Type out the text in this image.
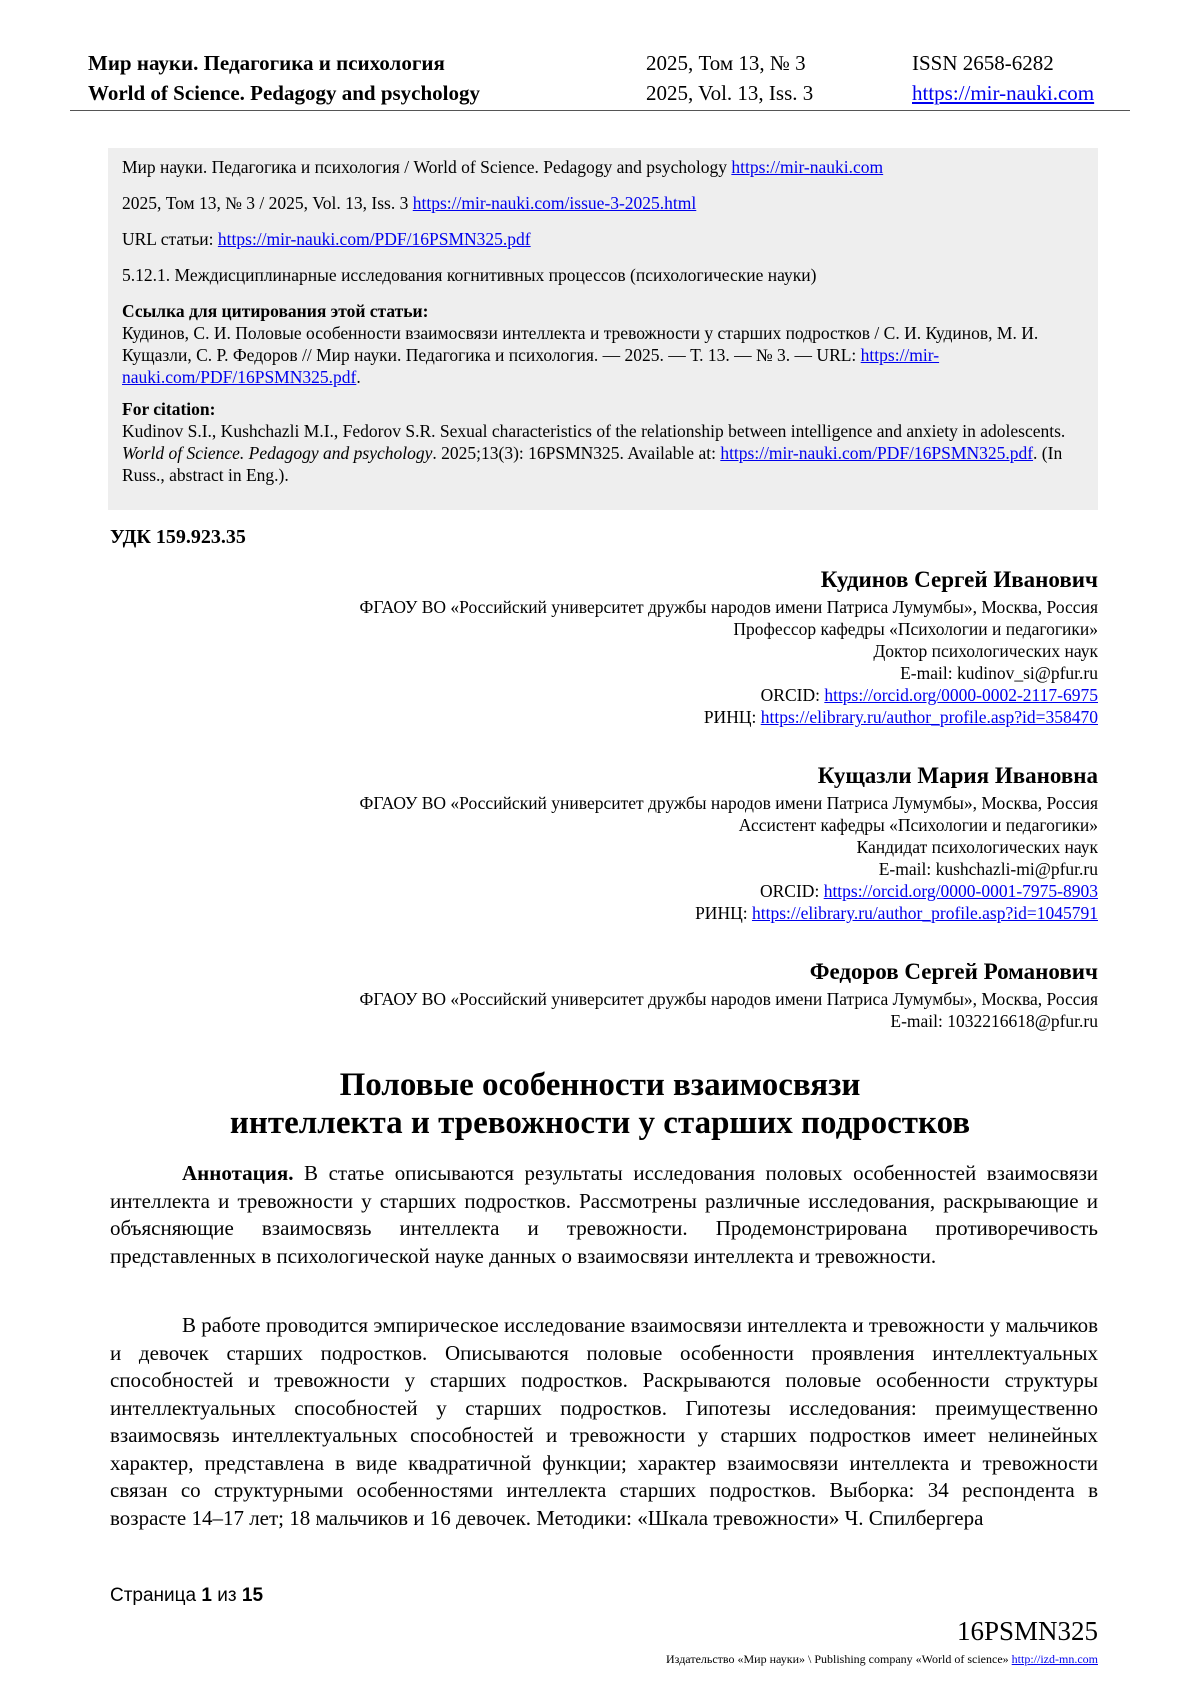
Мир науки. Педагогика и психология
World of Science. Pedagogy and psychology
2025, Том 13, № 3
2025, Vol. 13, Iss. 3
ISSN 2658-6282
https://mir-nauki.com

Мир науки. Педагогика и психология / World of Science. Pedagogy and psychology https://mir-nauki.com

2025, Том 13, № 3 / 2025, Vol. 13, Iss. 3 https://mir-nauki.com/issue-3-2025.html

URL статьи: https://mir-nauki.com/PDF/16PSMN325.pdf

5.12.1. Междисциплинарные исследования когнитивных процессов (психологические науки)

Ссылка для цитирования этой статьи:
Кудинов, С. И. Половые особенности взаимосвязи интеллекта и тревожности у старших подростков / С. И. Кудинов, М. И. Кущазли, С. Р. Федоров // Мир науки. Педагогика и психология. — 2025. — Т. 13. — № 3. — URL: https://mir-nauki.com/PDF/16PSMN325.pdf.
For citation:
Kudinov S.I., Kushchazli M.I., Fedorov S.R. Sexual characteristics of the relationship between intelligence and anxiety in adolescents. World of Science. Pedagogy and psychology. 2025;13(3): 16PSMN325. Available at: https://mir-nauki.com/PDF/16PSMN325.pdf. (In Russ., abstract in Eng.).
УДК 159.923.35
Кудинов Сергей Иванович
ФГАОУ ВО «Российский университет дружбы народов имени Патриса Лумумбы», Москва, Россия
Профессор кафедры «Психологии и педагогики»
Доктор психологических наук
E-mail: kudinov_si@pfur.ru
ORCID: https://orcid.org/0000-0002-2117-6975
РИНЦ: https://elibrary.ru/author_profile.asp?id=358470
Кущазли Мария Ивановна
ФГАОУ ВО «Российский университет дружбы народов имени Патриса Лумумбы», Москва, Россия
Ассистент кафедры «Психологии и педагогики»
Кандидат психологических наук
E-mail: kushchazli-mi@pfur.ru
ORCID: https://orcid.org/0000-0001-7975-8903
РИНЦ: https://elibrary.ru/author_profile.asp?id=1045791
Федоров Сергей Романович
ФГАОУ ВО «Российский университет дружбы народов имени Патриса Лумумбы», Москва, Россия
E-mail: 1032216618@pfur.ru
Половые особенности взаимосвязи
интеллекта и тревожности у старших подростков
Аннотация. В статье описываются результаты исследования половых особенностей взаимосвязи интеллекта и тревожности у старших подростков. Рассмотрены различные исследования, раскрывающие и объясняющие взаимосвязь интеллекта и тревожности. Продемонстрирована противоречивость представленных в психологической науке данных о взаимосвязи интеллекта и тревожности.
В работе проводится эмпирическое исследование взаимосвязи интеллекта и тревожности у мальчиков и девочек старших подростков. Описываются половые особенности проявления интеллектуальных способностей и тревожности у старших подростков. Раскрываются половые особенности структуры интеллектуальных способностей у старших подростков. Гипотезы исследования: преимущественно взаимосвязь интеллектуальных способностей и тревожности у старших подростков имеет нелинейных характер, представлена в виде квадратичной функции; характер взаимосвязи интеллекта и тревожности связан со структурными особенностями интеллекта старших подростков. Выборка: 34 респондента в возрасте 14–17 лет; 18 мальчиков и 16 девочек. Методики: «Шкала тревожности» Ч. Спилбергера
Страница 1 из 15
16PSMN325
Издательство «Мир науки» \ Publishing company «World of science» http://izd-mn.com
